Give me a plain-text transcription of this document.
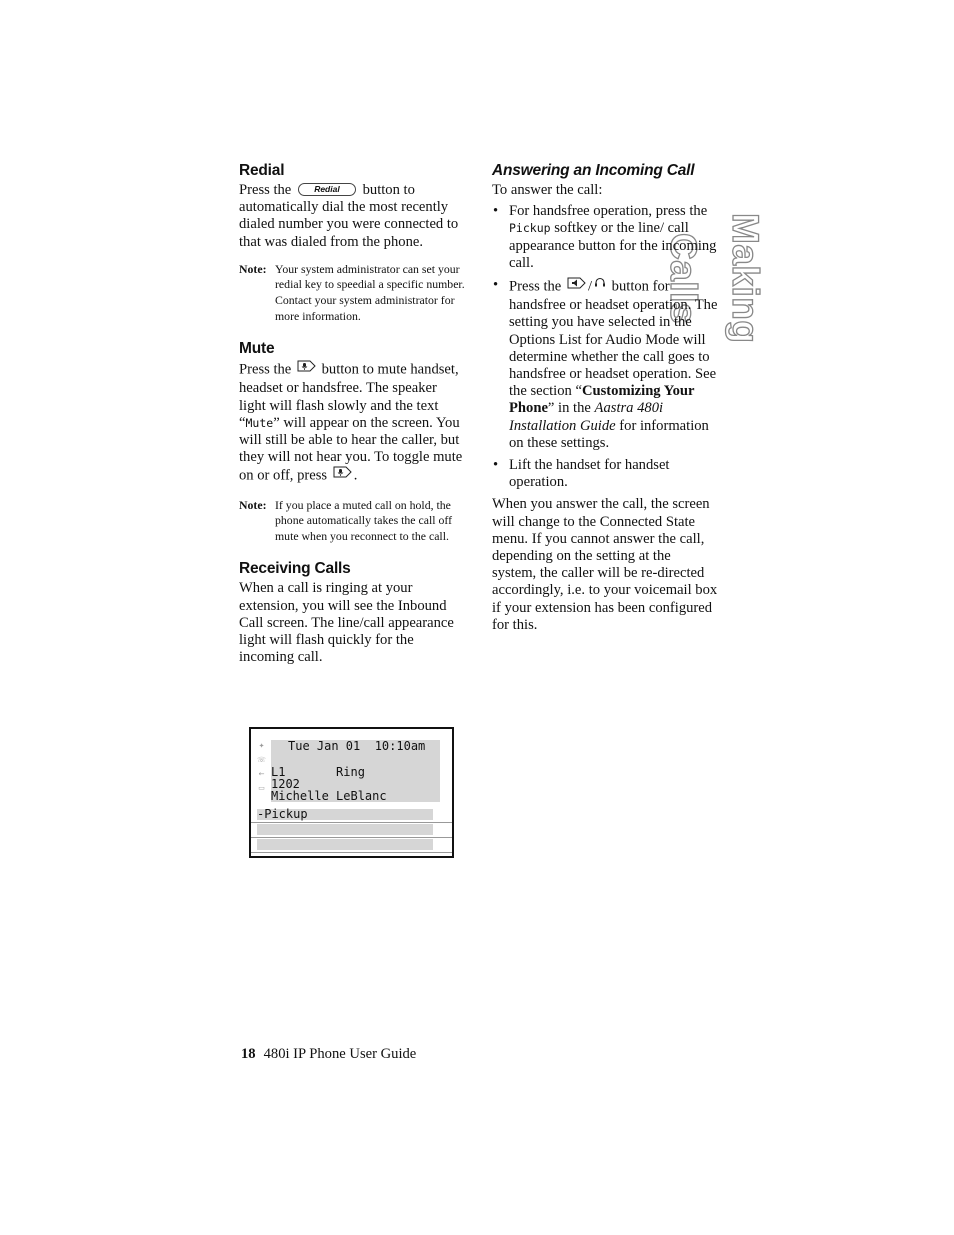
Making Calls
Redial

Press the	Redial button to automatically dial the most recently dialed number you were connected to that was dialed from the phone.

Note: Your system administrator can set your redial key to speedial a specific number. Contact your system administrator for more information.
Mute

Press the button to mute handset, headset or handsfree. The speaker light will flash slowly and the text “Mute” will appear on the screen. You will still be able to hear the caller, but they will not hear you. To toggle mute on or off, press .

Note: If you place a muted call on hold, the phone automatically takes the call off mute when you reconnect to the call.
Receiving Calls

When a call is ringing at your extension, you will see the Inbound Call screen. The line/call appearance light will flash quickly for the incoming call.

✦
☏
←
▭
Tue Jan 01  10:10am
L1       Ring
1202
Michelle LeBlanc
-Pickup
Answering an Incoming Call

To answer the call:

• For handsfree operation, press the Pickup softkey or the line/ call appearance button for the incoming call.
• Press the / button for handsfree or headset operation. The setting you have selected in the Options List for Audio Mode will determine whether the call goes to handsfree or headset operation. See the section “Customizing Your Phone” in the Aastra 480i Installation Guide for information on these settings.
• Lift the handset for handset operation.

When you answer the call, the screen will change to the Connected State menu. If you cannot answer the call, depending on the setting at the system, the caller will be re-directed accordingly, i.e. to your voicemail box if your extension has been configured for this.

18 480i IP Phone User Guide
